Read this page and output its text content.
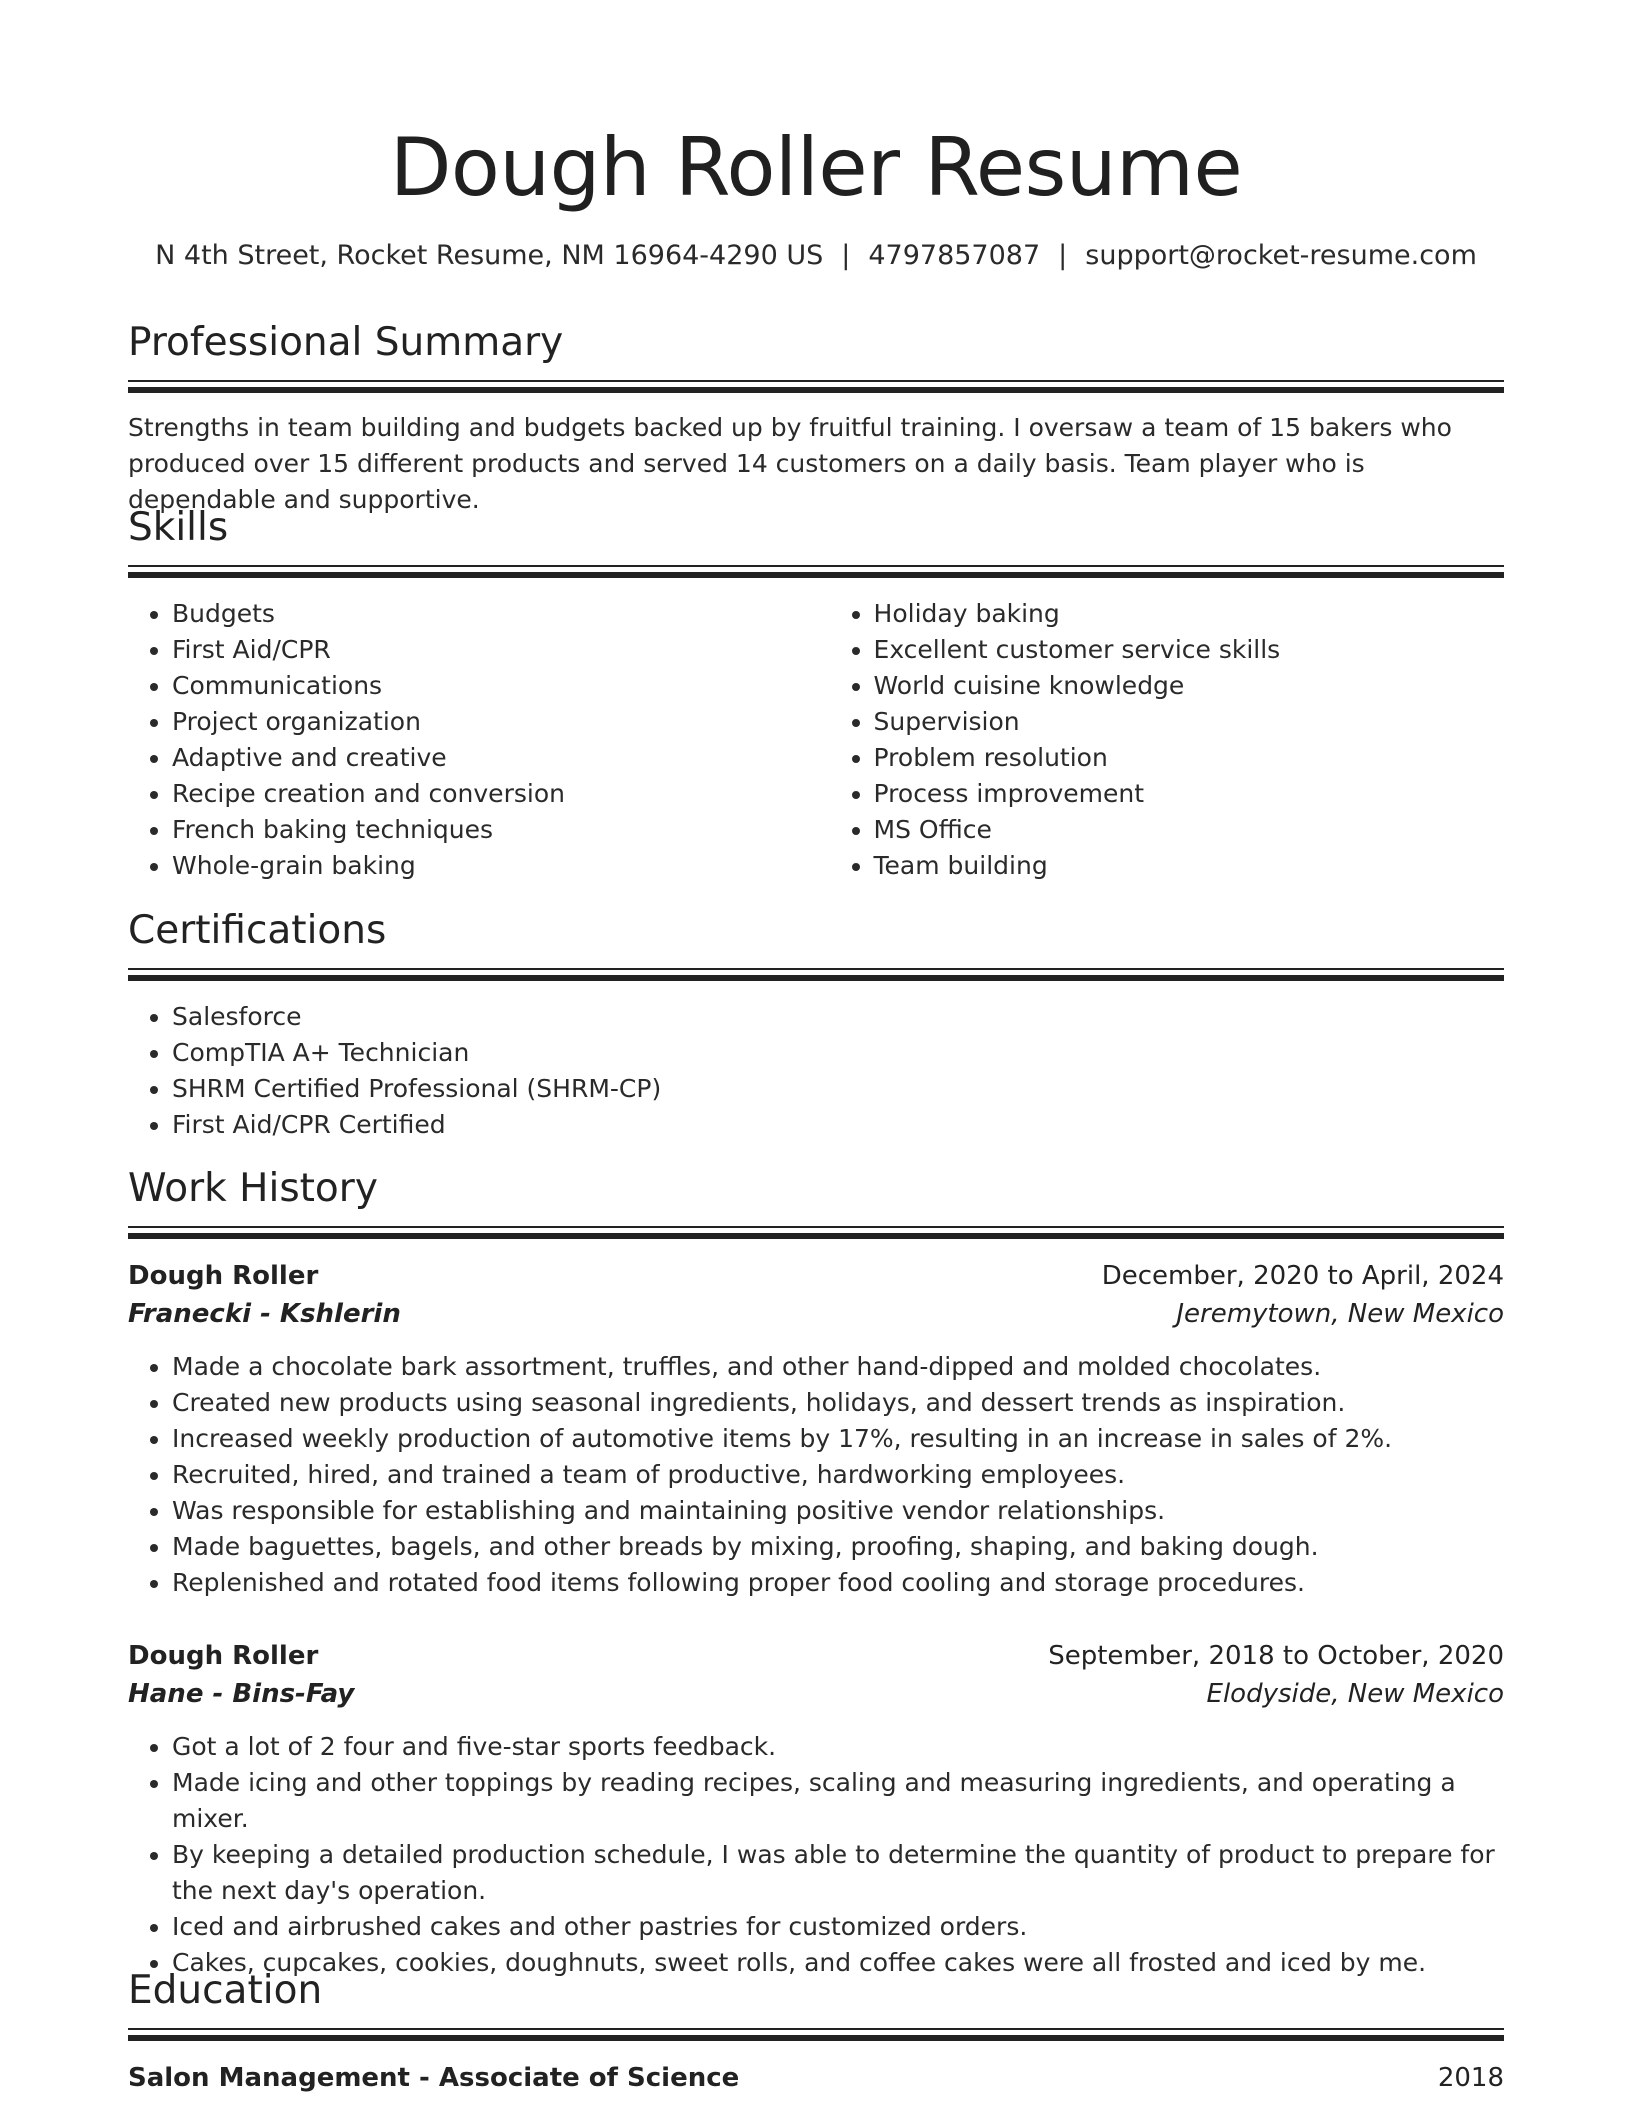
Dough Roller Resume
N 4th Street, Rocket Resume, NM 16964-4290 US | 4797857087 | support@rocket-resume.com
Professional Summary

Strengths in team building and budgets backed up by fruitful training. I oversaw a team of 15 bakers who produced over 15 different products and served 14 customers on a daily basis. Team player who is dependable and supportive.

Skills
• Budgets
• First Aid/CPR
• Communications
• Project organization
• Adaptive and creative
• Recipe creation and conversion
• French baking techniques
• Whole-grain baking
• Holiday baking
• Excellent customer service skills
• World cuisine knowledge
• Supervision
• Problem resolution
• Process improvement
• MS Office
• Team building
Certifications
• Salesforce
• CompTIA A+ Technician
• SHRM Certified Professional (SHRM-CP)
• First Aid/CPR Certified
Work History
Dough Roller	December, 2020 to April, 2024
Franecki - Kshlerin	Jeremytown, New Mexico
• Made a chocolate bark assortment, truffles, and other hand-dipped and molded chocolates.
• Created new products using seasonal ingredients, holidays, and dessert trends as inspiration.
• Increased weekly production of automotive items by 17%, resulting in an increase in sales of 2%.
• Recruited, hired, and trained a team of productive, hardworking employees.
• Was responsible for establishing and maintaining positive vendor relationships.
• Made baguettes, bagels, and other breads by mixing, proofing, shaping, and baking dough.
• Replenished and rotated food items following proper food cooling and storage procedures.
Dough Roller	September, 2018 to October, 2020
Hane - Bins-Fay	Elodyside, New Mexico
• Got a lot of 2 four and five-star sports feedback.
• Made icing and other toppings by reading recipes, scaling and measuring ingredients, and operating a mixer.
• By keeping a detailed production schedule, I was able to determine the quantity of product to prepare for the next day's operation.
• Iced and airbrushed cakes and other pastries for customized orders.
• Cakes, cupcakes, cookies, doughnuts, sweet rolls, and coffee cakes were all frosted and iced by me.
Education
Salon Management - Associate of Science	2018
